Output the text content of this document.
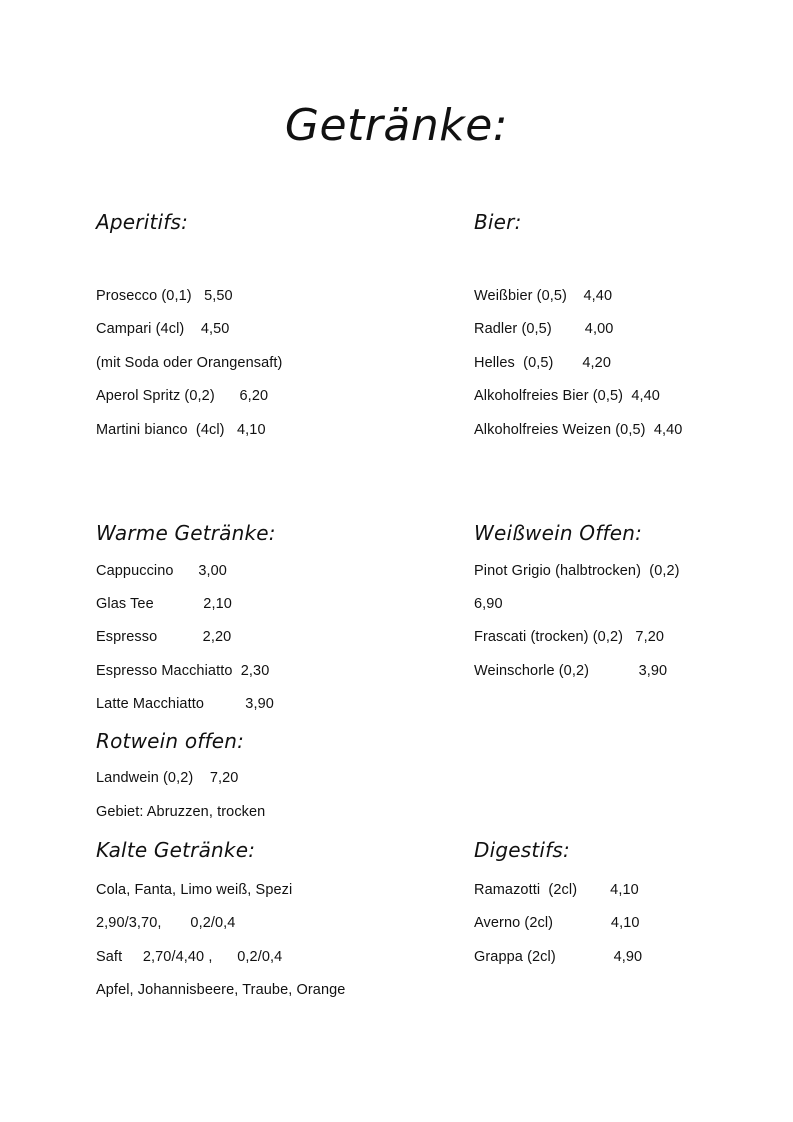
Getränke:
Aperitifs:
Prosecco (0,1)   5,50
Campari (4cl)    4,50
(mit Soda oder Orangensaft)
Aperol Spritz (0,2)      6,20
Martini bianco  (4cl)   4,10
Bier:
Weißbier (0,5)    4,40
Radler (0,5)        4,00
Helles  (0,5)       4,20
Alkoholfreies Bier (0,5)  4,40
Alkoholfreies Weizen (0,5)  4,40
Warme Getränke:
Cappuccino      3,00
Glas Tee            2,10
Espresso           2,20
Espresso Macchiatto  2,30
Latte Macchiatto          3,90
Weißwein Offen:
Pinot Grigio (halbtrocken)  (0,2)
6,90
Frascati (trocken) (0,2)   7,20
Weinschorle (0,2)            3,90
Rotwein offen:
Landwein (0,2)    7,20
Gebiet: Abruzzen, trocken
Kalte Getränke:
Cola, Fanta, Limo weiß, Spezi
2,90/3,70,       0,2/0,4
Saft     2,70/4,40 ,      0,2/0,4
Apfel, Johannisbeere, Traube, Orange
Digestifs:
Ramazotti  (2cl)        4,10
Averno (2cl)              4,10
Grappa (2cl)              4,90
